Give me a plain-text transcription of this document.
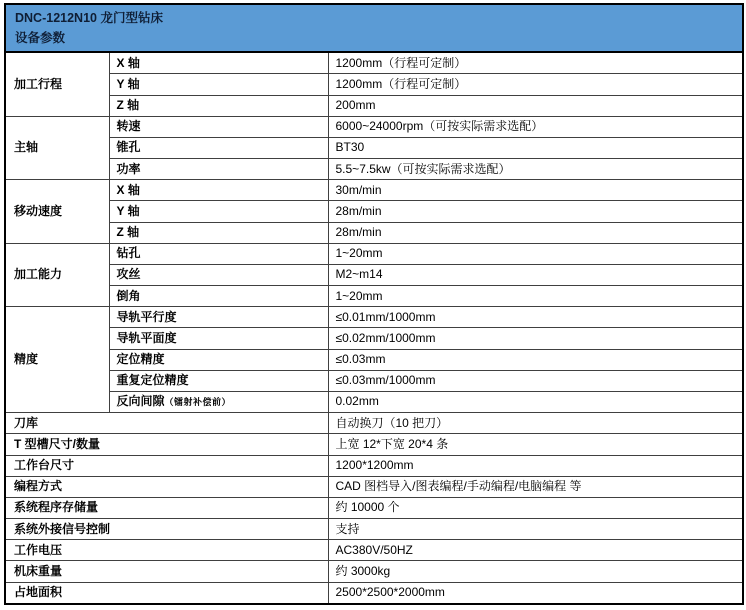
DNC-1212N10 龙门型钻床
设备参数		

加工行程	X 轴	1200mm（行程可定制）
	Y 轴	1200mm（行程可定制）
	Z 轴	200mm
主轴	转速	6000~24000rpm（可按实际需求选配）
	锥孔	BT30
	功率	5.5~7.5kw（可按实际需求选配）
移动速度	X 轴	30m/min
	Y 轴	28m/min
	Z 轴	28m/min
加工能力	钻孔	1~20mm
	攻丝	M2~m14
	倒角	1~20mm
精度	导轨平行度	≤0.01mm/1000mm
	导轨平面度	≤0.02mm/1000mm
	定位精度	≤0.03mm
	重复定位精度	≤0.03mm/1000mm
	反向间隙（镭射补偿前）	0.02mm
刀库		自动换刀（10 把刀）
T 型槽尺寸/数量		上宽 12*下宽 20*4 条
工作台尺寸		1200*1200mm
编程方式		CAD 图档导入/图表编程/手动编程/电脑编程 等
系统程序存储量		约 10000 个
系统外接信号控制		支持
工作电压		AC380V/50HZ
机床重量		约 3000kg
占地面积		2500*2500*2000mm
